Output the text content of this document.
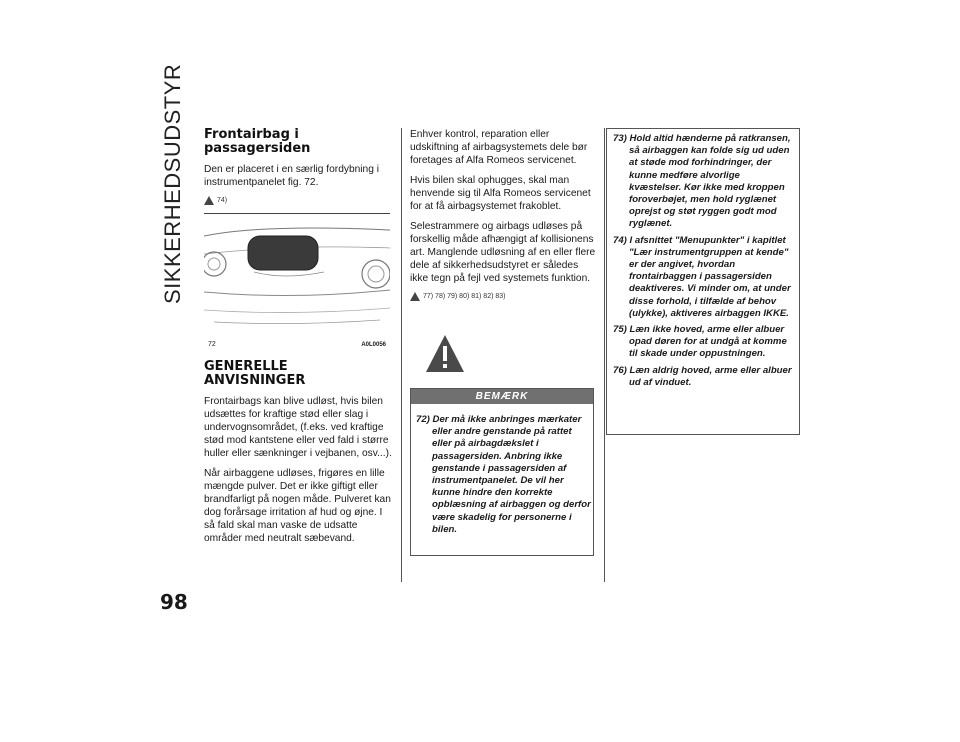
SIKKERHEDSUDSTYR
98
Frontairbag i passagersiden

Den er placeret i en særlig fordybning i instrumentpanelet fig. 72.

74)
72	A0L0056
GENERELLE ANVISNINGER

Frontairbags kan blive udløst, hvis bilen udsættes for kraftige stød eller slag i undervognsområdet, (f.eks. ved kraftige stød mod kantstene eller ved fald i større huller eller sænkninger i vejbanen, osv...).

Når airbaggene udløses, frigøres en lille mængde pulver. Det er ikke giftigt eller brandfarligt på nogen måde. Pulveret kan dog forårsage irritation af hud og øjne. I så fald skal man vaske de udsatte områder med neutralt sæbevand.

Enhver kontrol, reparation eller udskiftning af airbagsystemets dele bør foretages af Alfa Romeos servicenet.

Hvis bilen skal ophugges, skal man henvende sig til Alfa Romeos servicenet for at få airbagsystemet frakoblet.

Selestrammere og airbags udløses på forskellig måde afhængigt af kollisionens art. Manglende udløsning af en eller flere dele af sikkerhedsudstyret er således ikke tegn på fejl ved systemets funktion.

77) 78) 79) 80) 81) 82) 83)
BEMÆRK
72) Der må ikke anbringes mærkater eller andre genstande på rattet eller på airbagdækslet i passagersiden. Anbring ikke genstande i passagersiden af instrumentpanelet. De vil her kunne hindre den korrekte opblæsning af airbaggen og derfor være skadelig for personerne i bilen.
73) Hold altid hænderne på ratkransen, så airbaggen kan folde sig ud uden at støde mod forhindringer, der kunne medføre alvorlige kvæstelser. Kør ikke med kroppen foroverbøjet, men hold ryglænet oprejst og støt ryggen godt mod ryglænet.
74) I afsnittet "Menupunkter" i kapitlet "Lær instrumentgruppen at kende" er der angivet, hvordan frontairbaggen i passagersiden deaktiveres. Vi minder om, at under disse forhold, i tilfælde af behov (ulykke), aktiveres airbaggen IKKE.
75) Læn ikke hoved, arme eller albuer opad døren for at undgå at komme til skade under oppustningen.
76) Læn aldrig hoved, arme eller albuer ud af vinduet.
